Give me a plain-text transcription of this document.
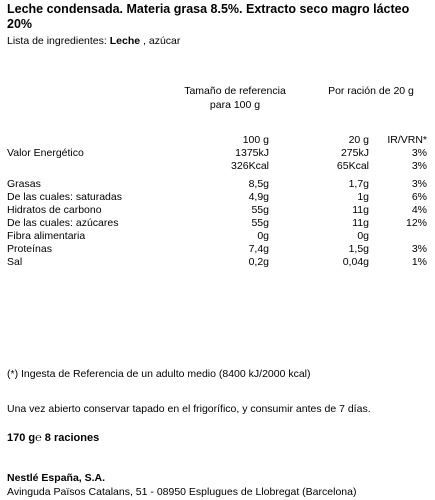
Leche condensada. Materia grasa 8.5%. Extracto seco magro lácteo 20%
Lista de ingredientes: Leche , azúcar
Tamaño de referencia
para 100 g
Por ración de 20 g
	100 g	20 g	IR/VRN*
Valor Energético	1375kJ	275kJ	3%
	326Kcal	65Kcal	3%
Grasas	8,5g	1,7g	3%
De las cuales: saturadas	4,9g	1g	6%
Hidratos de carbono	55g	11g	4%
De las cuales: azúcares	55g	11g	12%
Fibra alimentaria	0g	0g	
Proteínas	7,4g	1,5g	3%
Sal	0,2g	0,04g	1%
(*) Ingesta de Referencia de un adulto medio (8400 kJ/2000 kcal)
Una vez abierto conservar tapado en el frigorífico, y consumir antes de 7 días.
170 g℮ 8 raciones
Nestlé España, S.A.
Avinguda Països Catalans, 51 - 08950 Esplugues de Llobregat (Barcelona)
